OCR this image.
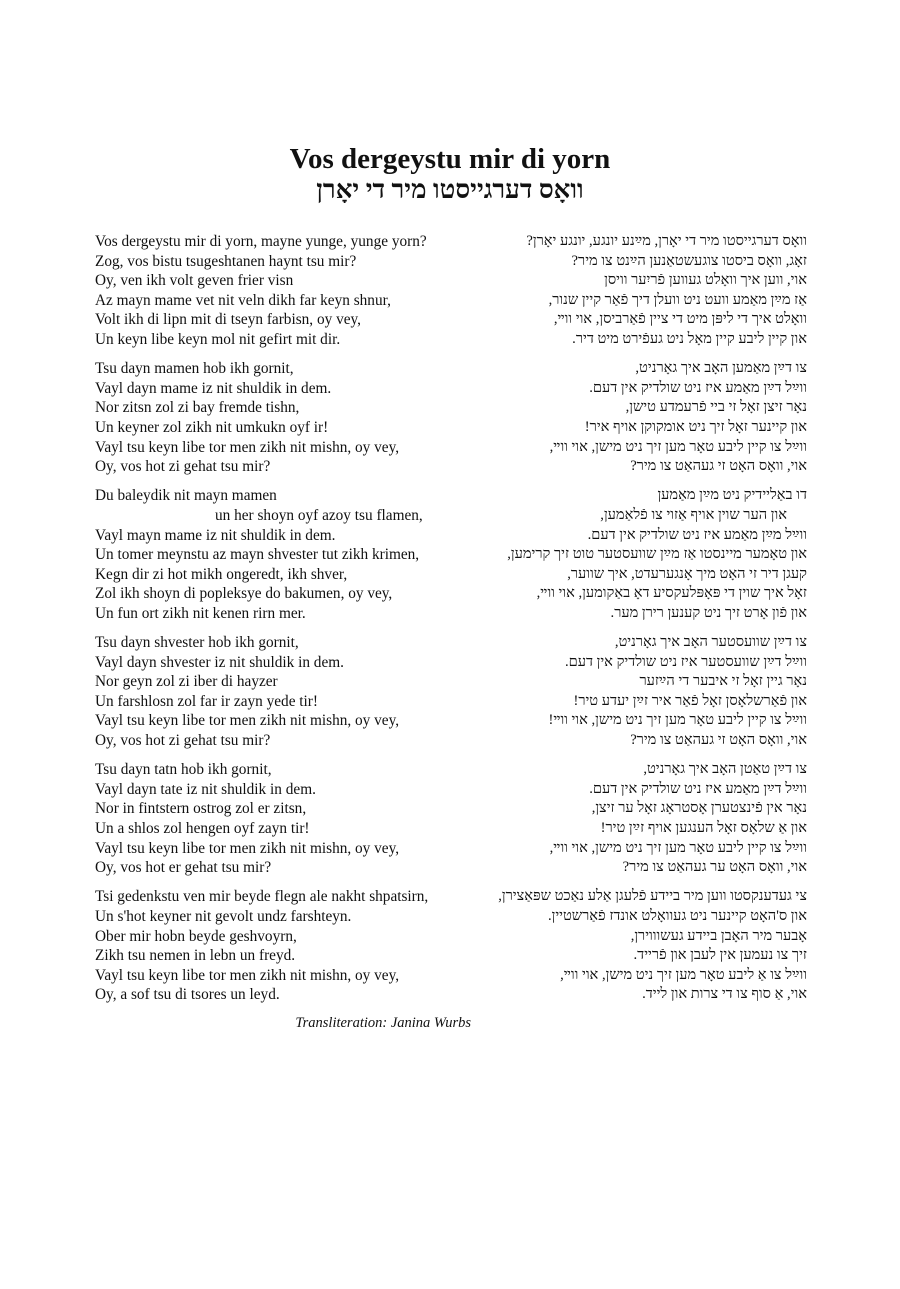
Vos dergeystu mir di yorn
וואָס דערגייסטו מיר די יאָרן
Vos dergeystu mir di yorn, mayne yunge, yunge yorn?
Zog, vos bistu tsugeshtanen haynt tsu mir?
Oy, ven ikh volt geven frier visn
Az mayn mame vet nit veln dikh far keyn shnur,
Volt ikh di lipn mit di tseyn farbisn, oy vey,
Un keyn libe keyn mol nit gefirt mit dir.
וואָס דערגייסטו מיר די יאָרן, מײַנע יונגע, יונגע יאָרן?
זאָג, וואָס ביסטו צוגעשטאַנען הײַנט צו מיר?
אוי, ווען איך וואָלט געווען פֿריִער וויסן
אַז מײַן מאַמע וועט ניט וועלן דיך פֿאַר קיין שנור,
וואָלט איך די ליפּן מיט די ציין פֿאַרביסן, אוי ווײ,
און קיין ליבע קיין מאָל ניט געפֿירט מיט דיר.
Tsu dayn mamen hob ikh gornit,
Vayl dayn mame iz nit shuldik in dem.
Nor zitsn zol zi bay fremde tishn,
Un keyner zol zikh nit umkukn oyf ir!
Vayl tsu keyn libe tor men zikh nit mishn, oy vey,
Oy, vos hot zi gehat tsu mir?
צו דײַן מאַמען האָב איך גאָרניט,
ווײַל דײַן מאַמע איז ניט שולדיק אין דעם.
נאָר זיצן זאָל זי ביי פֿרעמדע טישן,
און קיינער זאָל זיך ניט אומקוקן אויף איר!
ווײַל צו קיין ליבע טאָר מען זיך ניט מישן, אוי ווײ,
אוי, וואָס האָט זי געהאַט צו מיר?
Du baleydik nit mayn mamen
un her shoyn oyf azoy tsu flamen,
Vayl mayn mame iz nit shuldik in dem.
Un tomer meynstu az mayn shvester tut zikh krimen,
Kegn dir zi hot mikh ongeredt, ikh shver,
Zol ikh shoyn di popleksye do bakumen, oy vey,
Un fun ort zikh nit kenen rirn mer.
דו באַליידיק ניט מײַן מאַמען
און הער שוין אויף אַזוי צו פֿלאַמען,
ווײַל מײַן מאַמע איז ניט שולדיק אין דעם.
און טאָמער מיינסטו אַז מײַן שוועסטער טוט זיך קרימען,
קעגן דיר זי האָט מיך אָנגערעדט, איך שווער,
זאָל איך שוין די פּאָפּלעקסיע דאָ באַקומען, אוי ווײ,
און פֿון אָרט זיך ניט קענען רירן מער.
Tsu dayn shvester hob ikh gornit,
Vayl dayn shvester iz nit shuldik in dem.
Nor geyn zol zi iber di hayzer
Un farshlosn zol far ir zayn yede tir!
Vayl tsu keyn libe tor men zikh nit mishn, oy vey,
Oy, vos hot zi gehat tsu mir?
צו דײַן שוועסטער האָב איך גאָרניט,
ווײַל דײַן שוועסטער איז ניט שולדיק אין דעם.
נאָר גיין זאָל זי איבער די הײַזער
און פֿאַרשלאָסן זאָל פֿאַר איר זײַן יעדע טיר!
ווײַל צו קיין ליבע טאָר מען זיך ניט מישן, אוי ווײ!
אוי, וואָס האָט זי געהאַט צו מיר?
Tsu dayn tatn hob ikh gornit,
Vayl dayn tate iz nit shuldik in dem.
Nor in fintstern ostrog zol er zitsn,
Un a shlos zol hengen oyf zayn tir!
Vayl tsu keyn libe tor men zikh nit mishn, oy vey,
Oy, vos hot er gehat tsu mir?
צו דײַן טאַטן האָב איך גאָרניט,
ווײַל דײַן מאַמע איז ניט שולדיק אין דעם.
נאָר אין פֿינצטערן אָסטראָג זאָל ער זיצן,
און אַ שלאָס זאָל הענגען אויף זײַן טיר!
ווײַל צו קיין ליבע טאָר מען זיך ניט מישן, אוי ווײ,
אוי, וואָס האָט ער געהאַט צו מיר?
Tsi gedenkstu ven mir beyde flegn ale nakht shpatsirn,
Un s'hot keyner nit gevolt undz farshteyn.
Ober mir hobn beyde geshvoyrn,
Zikh tsu nemen in lebn un freyd.
Vayl tsu keyn libe tor men zikh nit mishn, oy vey,
Oy, a sof tsu di tsores un leyd.
צי געדענקסטו ווען מיר ביידע פֿלעגן אַלע נאַכט שפּאַצירן,
און ס'האָט קיינער ניט געוואָלט אונדז פֿאַרשטיין.
אָבער מיר האָבן ביידע געשוווירן,
זיך צו נעמען אין לעבן און פֿרייד.
ווײַל צו אַ ליבע טאָר מען זיך ניט מישן, אוי ווײ,
אוי, אַ סוף צו די צרות און לייד.
Transliteration: Janina Wurbs
